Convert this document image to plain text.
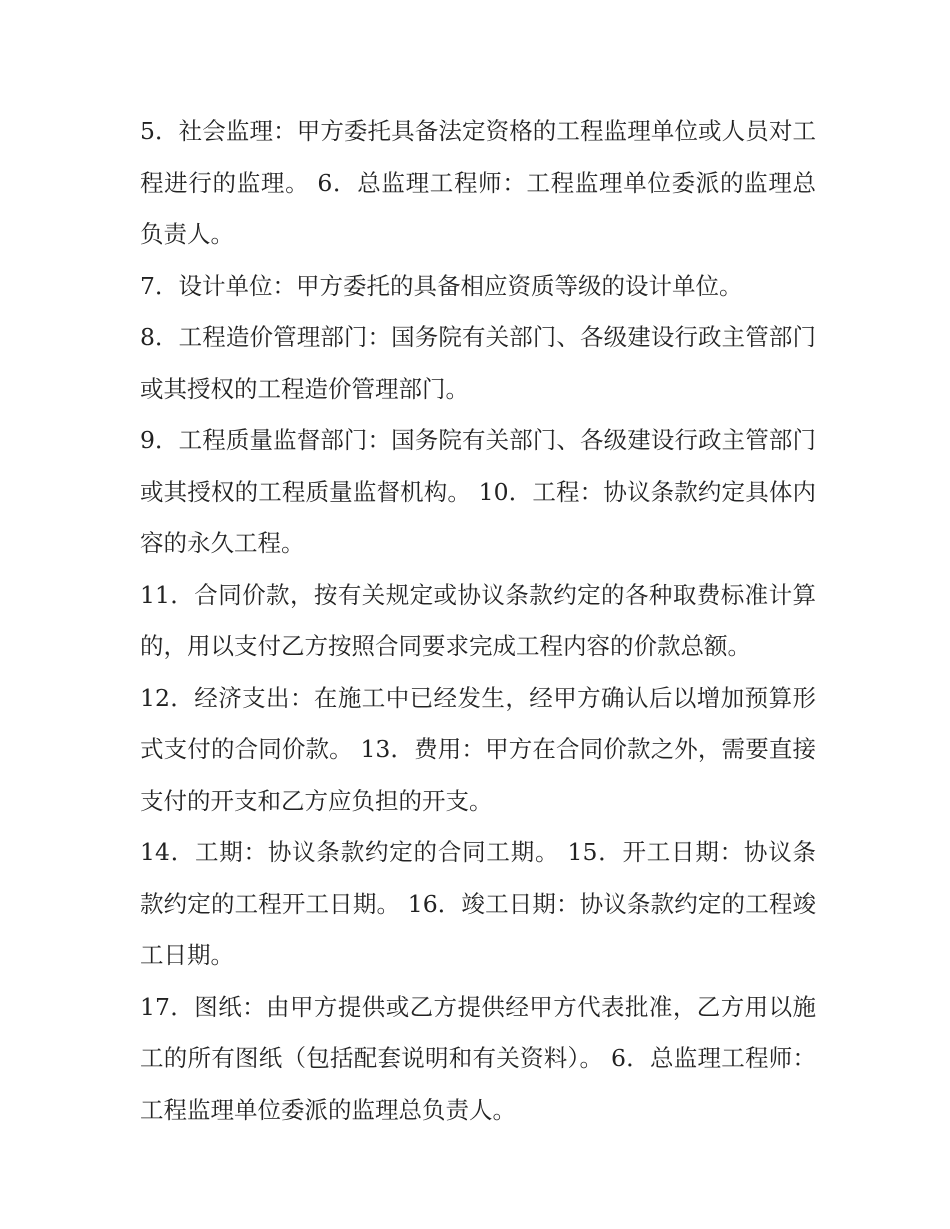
5．社会监理：甲方委托具备法定资格的工程监理单位或人员对工程进行的监理。 6．总监理工程师：工程监理单位委派的监理总负责人。

7．设计单位：甲方委托的具备相应资质等级的设计单位。

8．工程造价管理部门：国务院有关部门、各级建设行政主管部门或其授权的工程造价管理部门。

9．工程质量监督部门：国务院有关部门、各级建设行政主管部门或其授权的工程质量监督机构。 10．工程：协议条款约定具体内容的永久工程。

11．合同价款，按有关规定或协议条款约定的各种取费标准计算的，用以支付乙方按照合同要求完成工程内容的价款总额。

12．经济支出：在施工中已经发生，经甲方确认后以增加预算形式支付的合同价款。 13．费用：甲方在合同价款之外，需要直接支付的开支和乙方应负担的开支。

14．工期：协议条款约定的合同工期。 15．开工日期：协议条款约定的工程开工日期。 16．竣工日期：协议条款约定的工程竣工日期。

17．图纸：由甲方提供或乙方提供经甲方代表批准，乙方用以施工的所有图纸（包括配套说明和有关资料）。 6．总监理工程师：工程监理单位委派的监理总负责人。
